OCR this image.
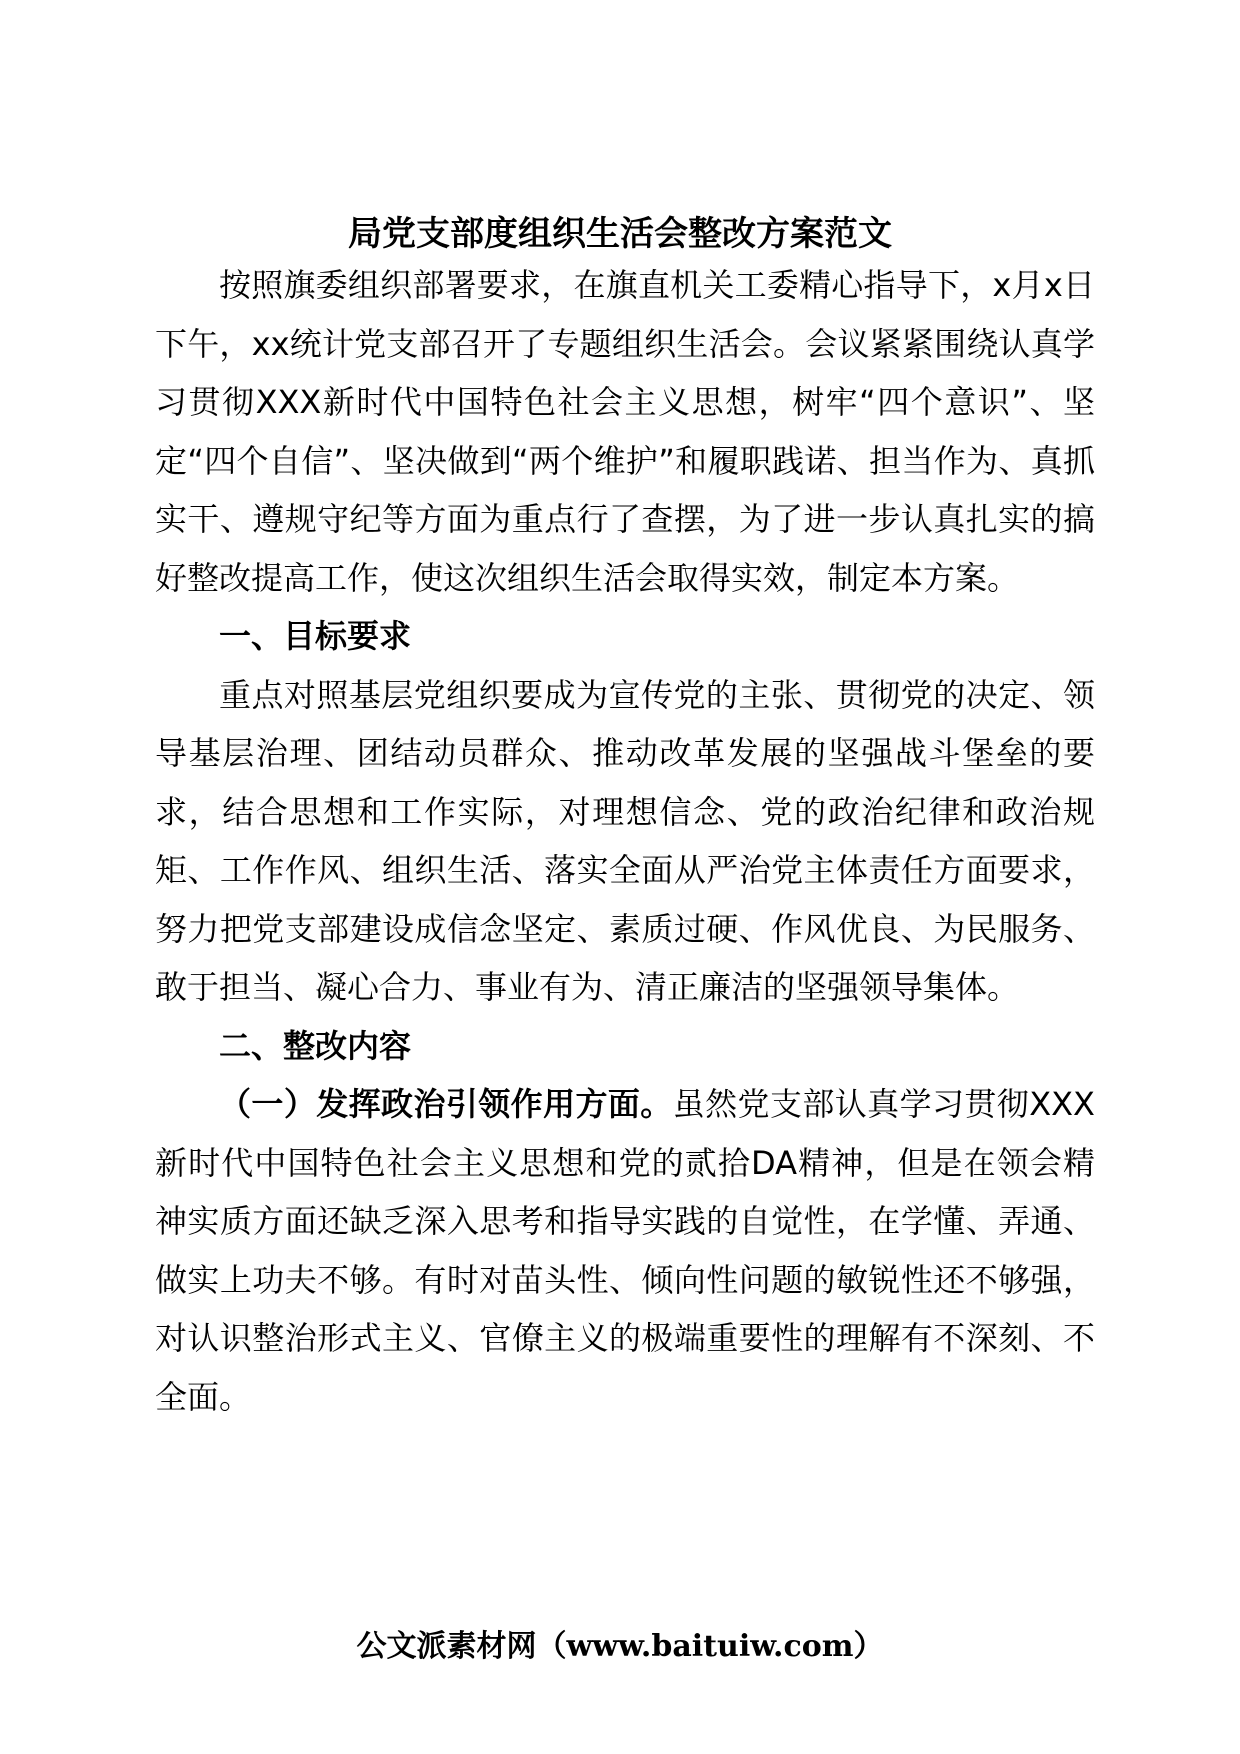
局党支部度组织生活会整改方案范文

按照旗委组织部署要求，在旗直机关工委精心指导下，x月x日下午，xx统计党支部召开了专题组织生活会。会议紧紧围绕认真学习贯彻XXX新时代中国特色社会主义思想，树牢“四个意识”、坚定“四个自信”、坚决做到“两个维护”和履职践诺、担当作为、真抓实干、遵规守纪等方面为重点行了查摆，为了进一步认真扎实的搞好整改提高工作，使这次组织生活会取得实效，制定本方案。

一、目标要求

重点对照基层党组织要成为宣传党的主张、贯彻党的决定、领导基层治理、团结动员群众、推动改革发展的坚强战斗堡垒的要求，结合思想和工作实际，对理想信念、党的政治纪律和政治规矩、工作作风、组织生活、落实全面从严治党主体责任方面要求，努力把党支部建设成信念坚定、素质过硬、作风优良、为民服务、敢于担当、凝心合力、事业有为、清正廉洁的坚强领导集体。

二、整改内容

（一）发挥政治引领作用方面。虽然党支部认真学习贯彻XXX新时代中国特色社会主义思想和党的贰拾DA精神，但是在领会精神实质方面还缺乏深入思考和指导实践的自觉性，在学懂、弄通、做实上功夫不够。有时对苗头性、倾向性问题的敏锐性还不够强，对认识整治形式主义、官僚主义的极端重要性的理解有不深刻、不全面。

公文派素材网（www.baituiw.com）
